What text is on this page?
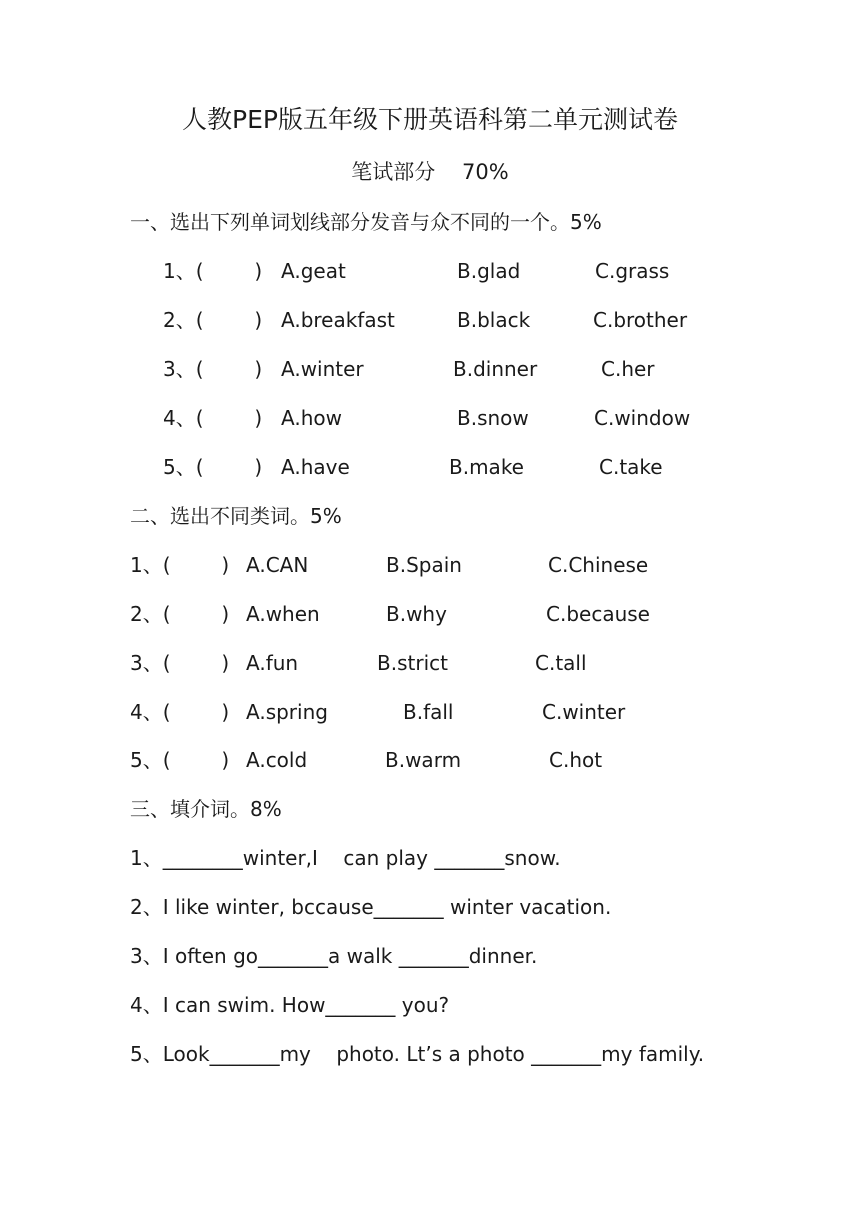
人教PEP版五年级下册英语科第二单元测试卷
笔试部分    70%
一、选出下列单词划线部分发音与众不同的一个。5%
1、(        ) A.geat	B.glad	C.grass
2、(        ) A.breakfast	B.black	C.brother
3、(        ) A.winter	B.dinner	C.her
4、(        ) A.how	B.snow	C.window
5、(        ) A.have	B.make	C.take
二、选出不同类词。5%
1、(        ) A.CAN	B.Spain	C.Chinese
2、(        ) A.when	B.why	C.because
3、(        ) A.fun	B.strict	C.tall
4、(        ) A.spring	B.fall	C.winter
5、(        ) A.cold	B.warm	C.hot
三、填介词。8%
1、________winter,I    can play _______snow.
2、I like winter, bccause_______ winter vacation.
3、I often go_______a walk _______dinner.
4、I can swim. How_______ you?
5、Look_______my    photo. Lt’s a photo _______my family.
